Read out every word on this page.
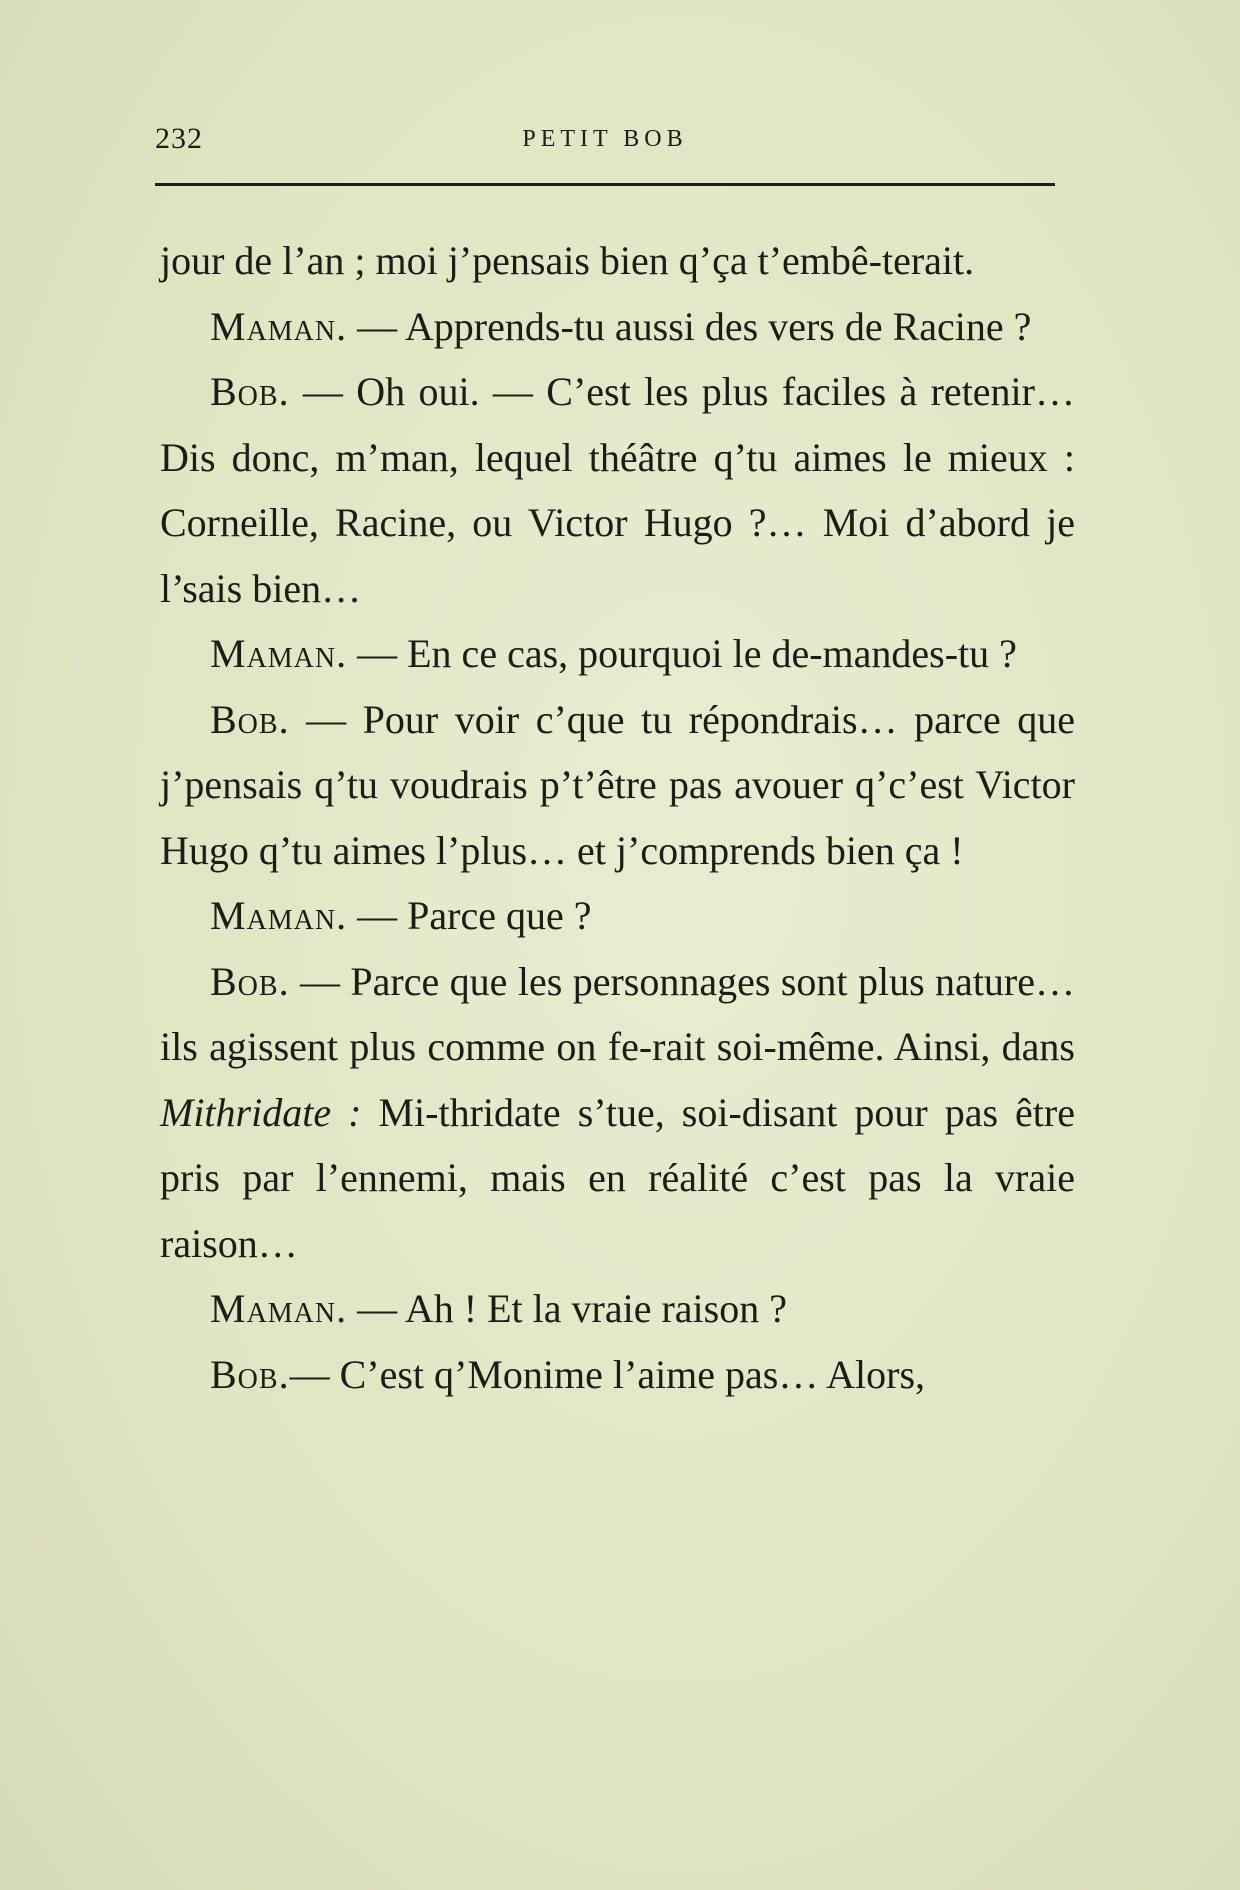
232	PETIT BOB

jour de l’an ; moi j’pensais bien q’ça t’embê-terait.

Maman. — Apprends-tu aussi des vers de Racine ?

Bob. — Oh oui. — C’est les plus faciles à retenir… Dis donc, m’man, lequel théâtre q’tu aimes le mieux : Corneille, Racine, ou Victor Hugo ?… Moi d’abord je l’sais bien…

Maman. — En ce cas, pourquoi le de-mandes-tu ?

Bob. — Pour voir c’que tu répondrais… parce que j’pensais q’tu voudrais p’t’être pas avouer q’c’est Victor Hugo q’tu aimes l’plus… et j’comprends bien ça !

Maman. — Parce que ?

Bob. — Parce que les personnages sont plus nature… ils agissent plus comme on fe-rait soi-même. Ainsi, dans Mithridate : Mi-thridate s’tue, soi-disant pour pas être pris par l’ennemi, mais en réalité c’est pas la vraie raison…

Maman. — Ah ! Et la vraie raison ?

Bob.— C’est q’Monime l’aime pas… Alors,
